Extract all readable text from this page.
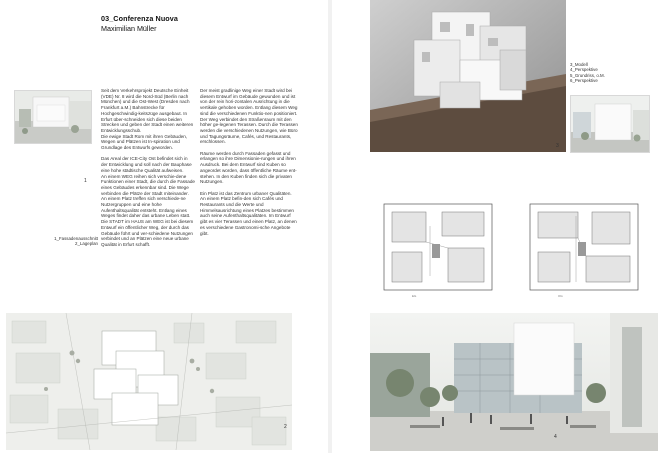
03_Conferenza Nuova
Maximilian Müller
Seit dem Verkehrsprojekt Deutsche Einheit (VDE) Nr. 8 wird die Nord-Süd (Berlin nach München) und die Ost-West (Dresden nach Frankfurt a.M.) Bahnstrecke für Hochgeschwindig-keitszüge ausgebaut. In Erfurt über-schneiden sich diese beiden Strecken und geben der Stadt einen weiteren Entwicklungsschub.
Die ewige Stadt Rom mit ihren Gebäuden, Wegen und Plätzen ist In-spiration und Grundlage des Entwurfs geworden.

Das Areal der ICE-City Ost befindet sich in der Entwicklung und soll nach der Bauphase eine hohe städtische Qualität aufweisen.
An einem WEG reihen sich verschie-dene Funktionen einer Stadt, die durch die Fassade eines Gebäudes erkennbar sind. Die Wege verbinden die Plätze der Stadt miteinander. An einem Platz treffen sich verschiede-ne Nutzergruppen und eine hohe Aufenthaltsqualität entsteht. Entlang eines Weges findet daher das urbane Leben statt.
Die STADT im HAUS am WEG ist bei diesem Entwurf ein öffentlicher Weg, der durch das Gebäude führt und ver-schiedene Nutzungen verbindet und an Plätzen eine neue urbane Qualität in Erfurt schafft.
Der meist gradlinige Weg einer Stadt wird bei diesem Entwurf im Gebäude gewunden und ist von der rein hori-zontalen Ausrichtung in die vertikale gehoben worden. Entlang diesem Weg sind die verschiedenen Funktio-nen positioniert. Der Weg verbindet den Straßenraum mit den höher ge-legenen Terassen. Durch die Terassen werden die verschiedenen Nutzungen, wie Büro und Tagungsräume, Cafés, und Restaurants, erschlossen.

Räume werden durch Fassaden gefasst und erlangen so ihre Dimensionie-rungen und ihren Ausdruck. Bei dem Entwurf sind Kuben so angeordet worden, dass öffentliche Räume ent-stehen. In den Kuben finden sich die privaten Nutzungen.

Ein Platz ist das Zentrum urbaner Qualitäten. An einem Platz befin-den sich Cafés und Restaurants und die Werte und Himmelsausrichtung eines Platzes bestimmen auch seine Aufenthaltsqualitäten. Im Entwurf gibt es vier Terassen und einen Platz, an denen es verschiedene Gastronomi-sche Angebote gibt.
1
1_Fassadenausschnitt
2_Lageplan
2
3
3_Modell
4_Perspektive
5_Grundriss, o.M.
6_Perspektive
EG	OG
4
